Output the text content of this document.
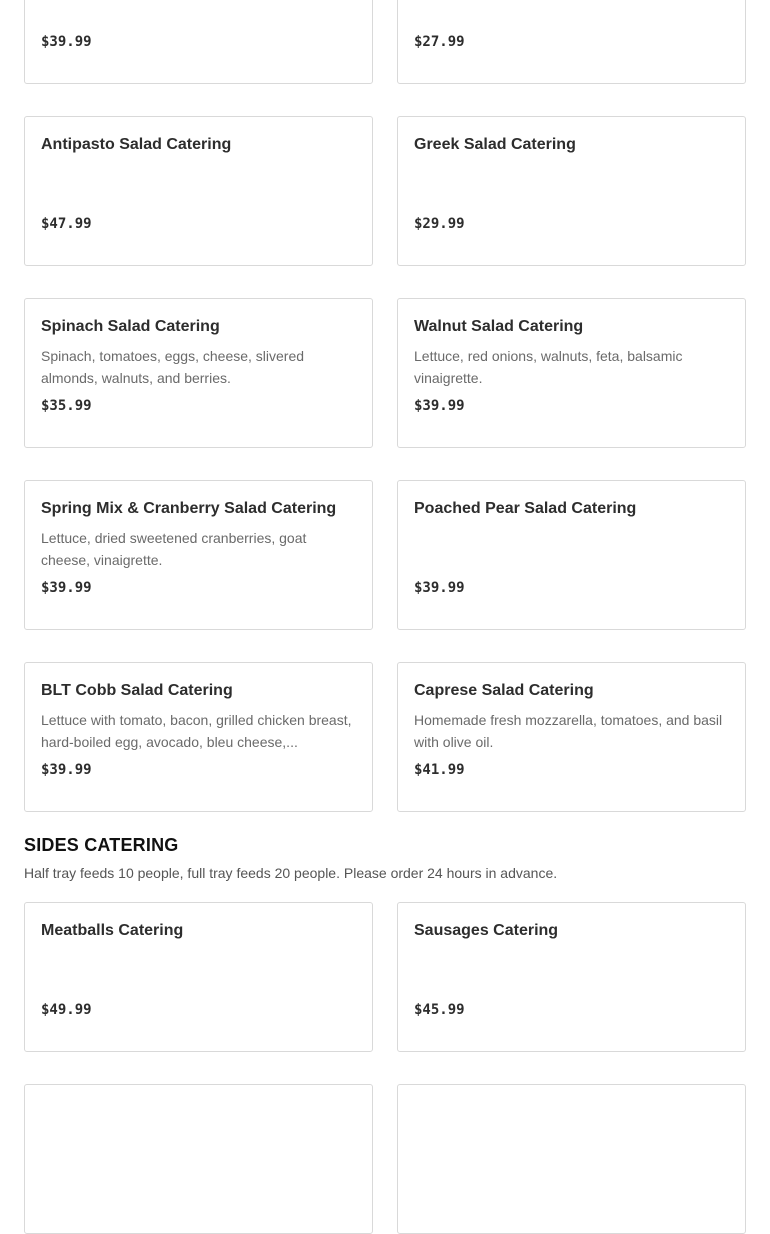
$39.99	$27.99
Antipasto Salad Catering
$47.99
Greek Salad Catering
$29.99
Spinach Salad Catering
Spinach, tomatoes, eggs, cheese, slivered almonds, walnuts, and berries.
$35.99
Walnut Salad Catering
Lettuce, red onions, walnuts, feta, balsamic vinaigrette.
$39.99
Spring Mix & Cranberry Salad Catering
Lettuce, dried sweetened cranberries, goat cheese, vinaigrette.
$39.99
Poached Pear Salad Catering
$39.99
BLT Cobb Salad Catering
Lettuce with tomato, bacon, grilled chicken breast, hard-boiled egg, avocado, bleu cheese,...
$39.99
Caprese Salad Catering
Homemade fresh mozzarella, tomatoes, and basil with olive oil.
$41.99
SIDES CATERING
Half tray feeds 10 people, full tray feeds 20 people. Please order 24 hours in advance.
Meatballs Catering
$49.99
Sausages Catering
$45.99
